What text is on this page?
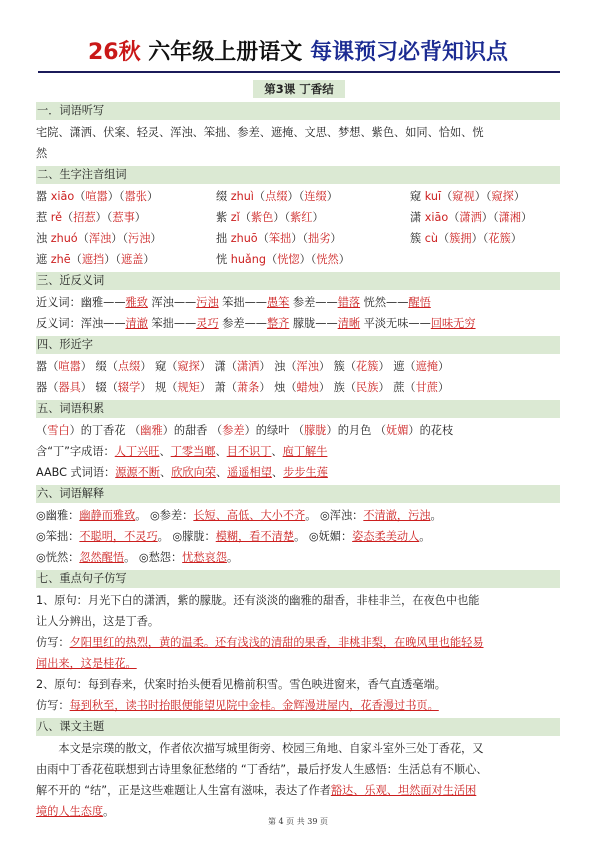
26秋 六年级上册语文 每课预习必背知识点
第3课 丁香结
一．词语听写
宅院、潇洒、伏案、轻灵、浑浊、笨拙、参差、遮掩、文思、梦想、紫色、如同、恰如、恍
然
二、生字注音组词
嚣 xiāo（喧嚣）（嚣张）	缀 zhuì（点缀）（连缀）	窥 kuī（窥视）（窥探）
惹 rě（招惹）（惹事）	紫 zǐ（紫色）（紫红）	潇 xiāo（潇洒）（潇湘）
浊 zhuó（浑浊）（污浊）	拙 zhuō（笨拙）（拙劣）	簇 cù（簇拥）（花簇）
遮 zhē（遮挡）（遮盖）	恍 huǎng（恍惚）（恍然）
三、近反义词
近义词：幽雅——雅致 浑浊——污浊 笨拙——愚笨 参差——错落 恍然——醒悟
反义词：浑浊——清澈 笨拙——灵巧 参差——整齐 朦胧——清晰 平淡无味——回味无穷
四、形近字
嚣（喧嚣） 缀（点缀） 窥（窥探） 潇（潇洒） 浊（浑浊） 簇（花簇） 遮（遮掩）
器（器具） 辍（辍学） 规（规矩） 萧（萧条） 烛（蜡烛） 族（民族） 蔗（甘蔗）
五、词语积累
（雪白）的丁香花 （幽雅）的甜香 （参差）的绿叶 （朦胧）的月色 （妩媚）的花枝
含“丁”字成语：人丁兴旺、丁零当啷、目不识丁、庖丁解牛
AABC 式词语：源源不断、欣欣向荣、遥遥相望、步步生莲
六、词语解释
◎幽雅：幽静而雅致。 ◎参差：长短、高低、大小不齐。 ◎浑浊：不清澈，污浊。
◎笨拙：不聪明，不灵巧。 ◎朦胧：模糊，看不清楚。 ◎妩媚：姿态柔美动人。
◎恍然：忽然醒悟。 ◎愁怨：忧愁哀怨。
七、重点句子仿写
1、原句：月光下白的潇洒，紫的朦胧。还有淡淡的幽雅的甜香，非桂非兰，在夜色中也能
让人分辨出，这是丁香。
仿写：夕阳里红的热烈，黄的温柔。还有浅浅的清甜的果香，非桃非梨，在晚风里也能轻易
闻出来，这是桂花。
2、原句：每到春来，伏案时抬头便看见檐前积雪。雪色映进窗来，香气直透毫端。
仿写：每到秋至，读书时抬眼便能望见院中金桂。金辉漫进屋内，花香漫过书页。
八、课文主题
本文是宗璞的散文，作者依次描写城里街旁、校园三角地、自家斗室外三处丁香花，又
由雨中丁香花苞联想到古诗里象征愁绪的 “丁香结”，最后抒发人生感悟：生活总有不顺心、
解不开的 “结”，正是这些难题让人生富有滋味，表达了作者豁达、乐观、坦然面对生活困
境的人生态度。
第 4 页 共 39 页
